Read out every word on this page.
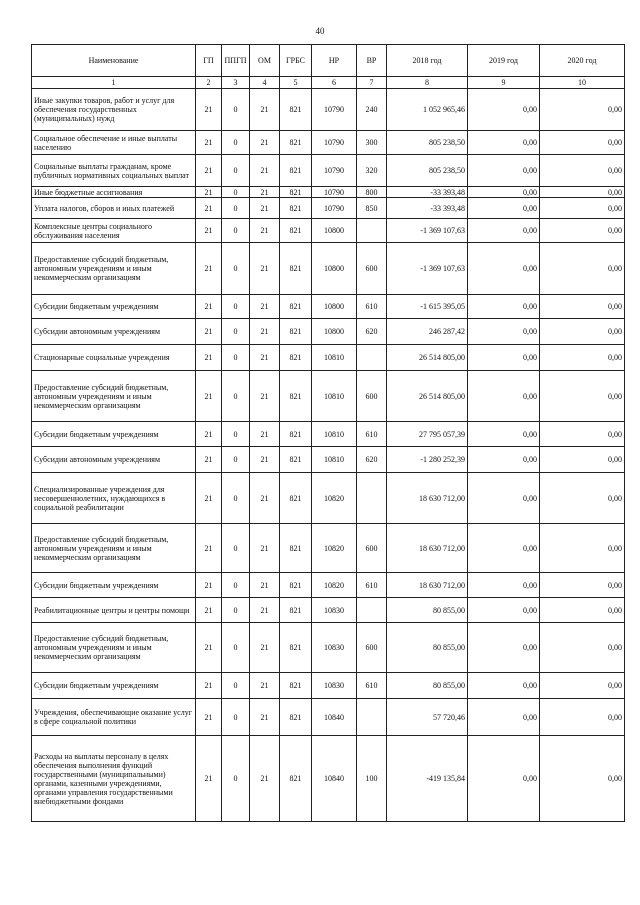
40
Наименование	ГП	ППГП	ОМ	ГРБС	НР	ВР	2018 год	2019 год	2020 год
1	2	3	4	5	6	7	8	9	10
Иные закупки товаров, работ и услуг для обеспечения государственных (муниципальных) нужд	21	0	21	821	10790	240	1 052 965,46	0,00	0,00
Социальное обеспечение и иные выплаты населению	21	0	21	821	10790	300	805 238,50	0,00	0,00
Социальные выплаты гражданам, кроме публичных нормативных социальных выплат	21	0	21	821	10790	320	805 238,50	0,00	0,00
Иные бюджетные ассигнования	21	0	21	821	10790	800	-33 393,48	0,00	0,00
Уплата налогов, сборов и иных платежей	21	0	21	821	10790	850	-33 393,48	0,00	0,00
Комплексные центры социального обслуживания населения	21	0	21	821	10800		-1 369 107,63	0,00	0,00
Предоставление субсидий бюджетным, автономным учреждениям и иным некоммерческим организациям	21	0	21	821	10800	600	-1 369 107,63	0,00	0,00
Субсидии бюджетным учреждениям	21	0	21	821	10800	610	-1 615 395,05	0,00	0,00
Субсидии автономным учреждениям	21	0	21	821	10800	620	246 287,42	0,00	0,00
Стационарные социальные учреждения	21	0	21	821	10810		26 514 805,00	0,00	0,00
Предоставление субсидий бюджетным, автономным учреждениям и иным некоммерческим организациям	21	0	21	821	10810	600	26 514 805,00	0,00	0,00
Субсидии бюджетным учреждениям	21	0	21	821	10810	610	27 795 057,39	0,00	0,00
Субсидии автономным учреждениям	21	0	21	821	10810	620	-1 280 252,39	0,00	0,00
Специализированные учреждения для несовершеннолетних, нуждающихся в социальной реабилитации	21	0	21	821	10820		18 630 712,00	0,00	0,00
Предоставление субсидий бюджетным, автономным учреждениям и иным некоммерческим организациям	21	0	21	821	10820	600	18 630 712,00	0,00	0,00
Субсидии бюджетным учреждениям	21	0	21	821	10820	610	18 630 712,00	0,00	0,00
Реабилитационные центры и центры помощи	21	0	21	821	10830		80 855,00	0,00	0,00
Предоставление субсидий бюджетным, автономным учреждениям и иным некоммерческим организациям	21	0	21	821	10830	600	80 855,00	0,00	0,00
Субсидии бюджетным учреждениям	21	0	21	821	10830	610	80 855,00	0,00	0,00
Учреждения, обеспечивающие оказание услуг в сфере социальной политики	21	0	21	821	10840		57 720,46	0,00	0,00
Расходы на выплаты персоналу в целях обеспечения выполнения функций государственными (муниципальными) органами, казенными учреждениями, органами управления государственными внебюджетными фондами	21	0	21	821	10840	100	-419 135,84	0,00	0,00
